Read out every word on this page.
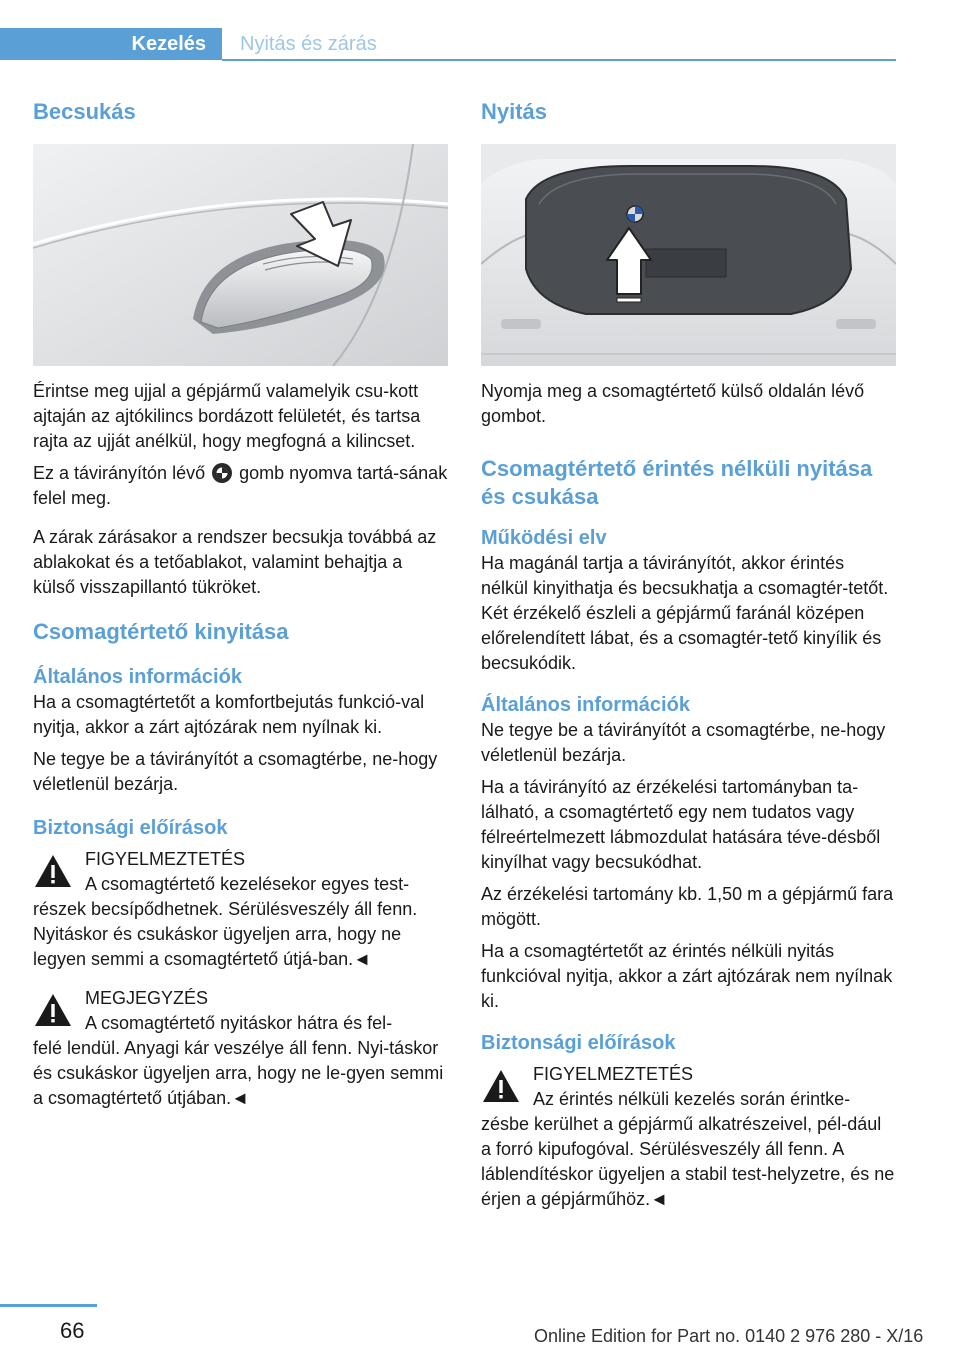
Kezelés	Nyitás és zárás
Becsukás

Érintse meg ujjal a gépjármű valamelyik csu-kott ajtaján az ajtókilincs bordázott felületét, és tartsa rajta az ujját anélkül, hogy megfogná a kilincset.

Ez a távirányítón lévő gomb nyomva tartá-sának felel meg.

A zárak zárásakor a rendszer becsukja továbbá az ablakokat és a tetőablakot, valamint behajtja a külső visszapillantó tükröket.

Csomagtértető kinyitása
Általános információk

Ha a csomagtértetőt a komfortbejutás funkció-val nyitja, akkor a zárt ajtózárak nem nyílnak ki.

Ne tegye be a távirányítót a csomagtérbe, ne-hogy véletlenül bezárja.

Biztonsági előírások

FIGYELMEZTETÉS

A csomagtértető kezelésekor egyes test-

részek becsípődhetnek. Sérülésveszély áll fenn. Nyitáskor és csukáskor ügyeljen arra, hogy ne legyen semmi a csomagtértető útjá-ban.◄

MEGJEGYZÉS

A csomagtértető nyitáskor hátra és fel-

felé lendül. Anyagi kár veszélye áll fenn. Nyi-táskor és csukáskor ügyeljen arra, hogy ne le-gyen semmi a csomagtértető útjában.◄

Nyitás

Nyomja meg a csomagtértető külső oldalán lévő gombot.

Csomagtértető érintés nélküli nyitása és csukása
Működési elv

Ha magánál tartja a távirányítót, akkor érintés nélkül kinyithatja és becsukhatja a csomagtér-tetőt. Két érzékelő észleli a gépjármű faránál középen előrelendített lábat, és a csomagtér-tető kinyílik és becsukódik.

Általános információk

Ne tegye be a távirányítót a csomagtérbe, ne-hogy véletlenül bezárja.

Ha a távirányító az érzékelési tartományban ta-lálható, a csomagtértető egy nem tudatos vagy félreértelmezett lábmozdulat hatására téve-désből kinyílhat vagy becsukódhat.

Az érzékelési tartomány kb. 1,50 m a gépjármű fara mögött.

Ha a csomagtértetőt az érintés nélküli nyitás funkcióval nyitja, akkor a zárt ajtózárak nem nyílnak ki.

Biztonsági előírások

FIGYELMEZTETÉS

Az érintés nélküli kezelés során érintke-

zésbe kerülhet a gépjármű alkatrészeivel, pél-dául a forró kipufogóval. Sérülésveszély áll fenn. A láblendítéskor ügyeljen a stabil test-helyzetre, és ne érjen a gépjárműhöz.◄

66	Online Edition for Part no. 0140 2 976 280 - X/16
